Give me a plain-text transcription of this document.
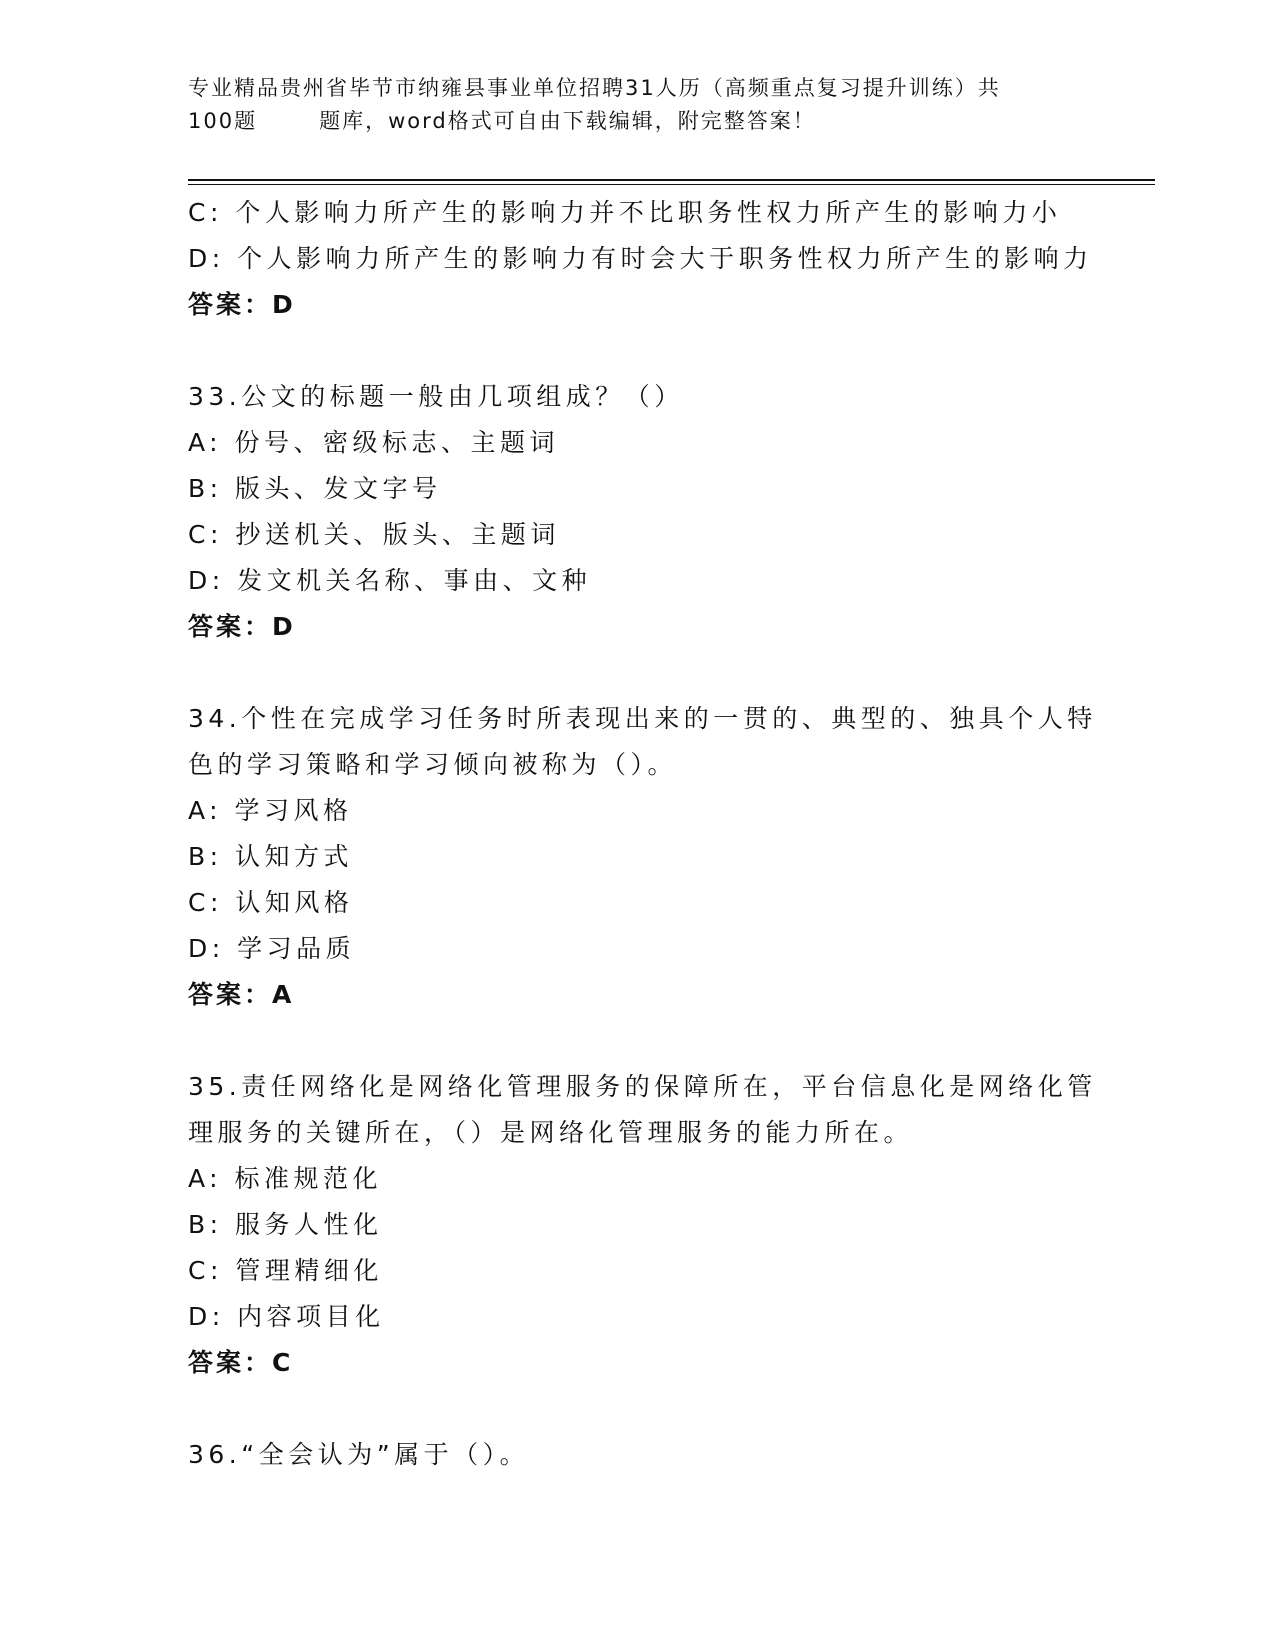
专业精品贵州省毕节市纳雍县事业单位招聘31人历（高频重点复习提升训练）共
100题	题库，word格式可自由下载编辑，附完整答案！
C: 个人影响力所产生的影响力并不比职务性权力所产生的影响力小
D: 个人影响力所产生的影响力有时会大于职务性权力所产生的影响力
答案：D
33.公文的标题一般由几项组成？（）
A: 份号、密级标志、主题词
B: 版头、发文字号
C: 抄送机关、版头、主题词
D: 发文机关名称、事由、文种
答案：D
34.个性在完成学习任务时所表现出来的一贯的、典型的、独具个人特
色的学习策略和学习倾向被称为（）。
A: 学习风格
B: 认知方式
C: 认知风格
D: 学习品质
答案：A
35.责任网络化是网络化管理服务的保障所在，平台信息化是网络化管
理服务的关键所在，（）是网络化管理服务的能力所在。
A: 标准规范化
B: 服务人性化
C: 管理精细化
D: 内容项目化
答案：C
36.“全会认为”属于（）。
